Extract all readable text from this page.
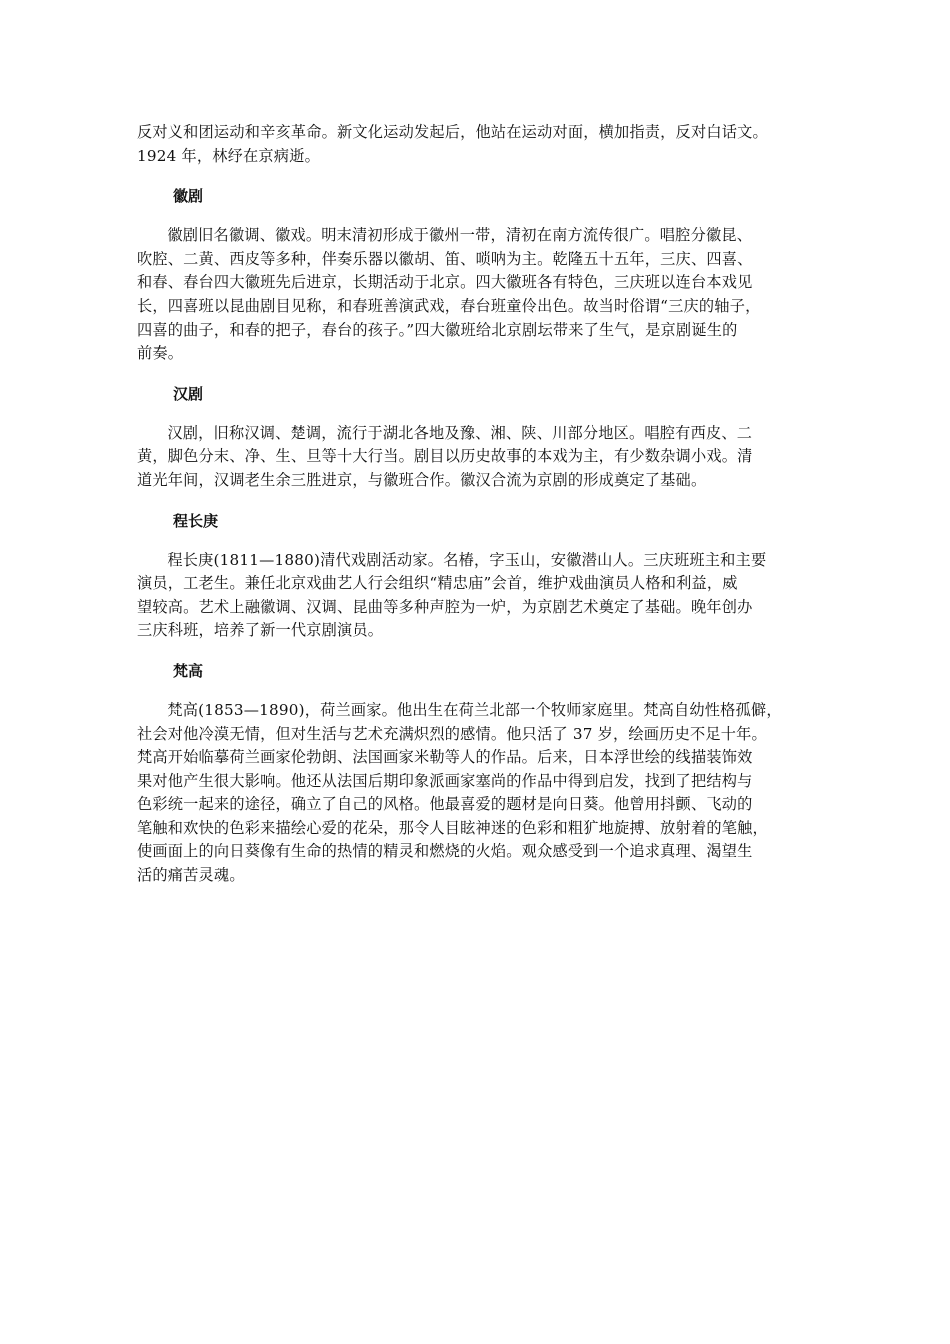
反对义和团运动和辛亥革命。新文化运动发起后，他站在运动对面，横加指责，反对白话文。
1924 年，林纾在京病逝。
徽剧
徽剧旧名徽调、徽戏。明末清初形成于徽州一带，清初在南方流传很广。唱腔分徽昆、
吹腔、二黄、西皮等多种，伴奏乐器以徽胡、笛、唢呐为主。乾隆五十五年，三庆、四喜、
和春、春台四大徽班先后进京，长期活动于北京。四大徽班各有特色，三庆班以连台本戏见
长，四喜班以昆曲剧目见称，和春班善演武戏，春台班童伶出色。故当时俗谓“三庆的轴子，
四喜的曲子，和春的把子，春台的孩子。”四大徽班给北京剧坛带来了生气，是京剧诞生的
前奏。
汉剧
汉剧，旧称汉调、楚调，流行于湖北各地及豫、湘、陕、川部分地区。唱腔有西皮、二
黄，脚色分末、净、生、旦等十大行当。剧目以历史故事的本戏为主，有少数杂调小戏。清
道光年间，汉调老生余三胜进京，与徽班合作。徽汉合流为京剧的形成奠定了基础。
程长庚
程长庚(1811—1880)清代戏剧活动家。名椿，字玉山，安徽潜山人。三庆班班主和主要
演员，工老生。兼任北京戏曲艺人行会组织“精忠庙”会首，维护戏曲演员人格和利益，威
望较高。艺术上融徽调、汉调、昆曲等多种声腔为一炉，为京剧艺术奠定了基础。晚年创办
三庆科班，培养了新一代京剧演员。
梵高
梵高(1853—1890)，荷兰画家。他出生在荷兰北部一个牧师家庭里。梵高自幼性格孤僻，
社会对他冷漠无情，但对生活与艺术充满炽烈的感情。他只活了 37 岁，绘画历史不足十年。
梵高开始临摹荷兰画家伦勃朗、法国画家米勒等人的作品。后来，日本浮世绘的线描装饰效
果对他产生很大影响。他还从法国后期印象派画家塞尚的作品中得到启发，找到了把结构与
色彩统一起来的途径，确立了自己的风格。他最喜爱的题材是向日葵。他曾用抖颤、飞动的
笔触和欢快的色彩来描绘心爱的花朵，那令人目眩神迷的色彩和粗犷地旋搏、放射着的笔触，
使画面上的向日葵像有生命的热情的精灵和燃烧的火焰。观众感受到一个追求真理、渴望生
活的痛苦灵魂。
